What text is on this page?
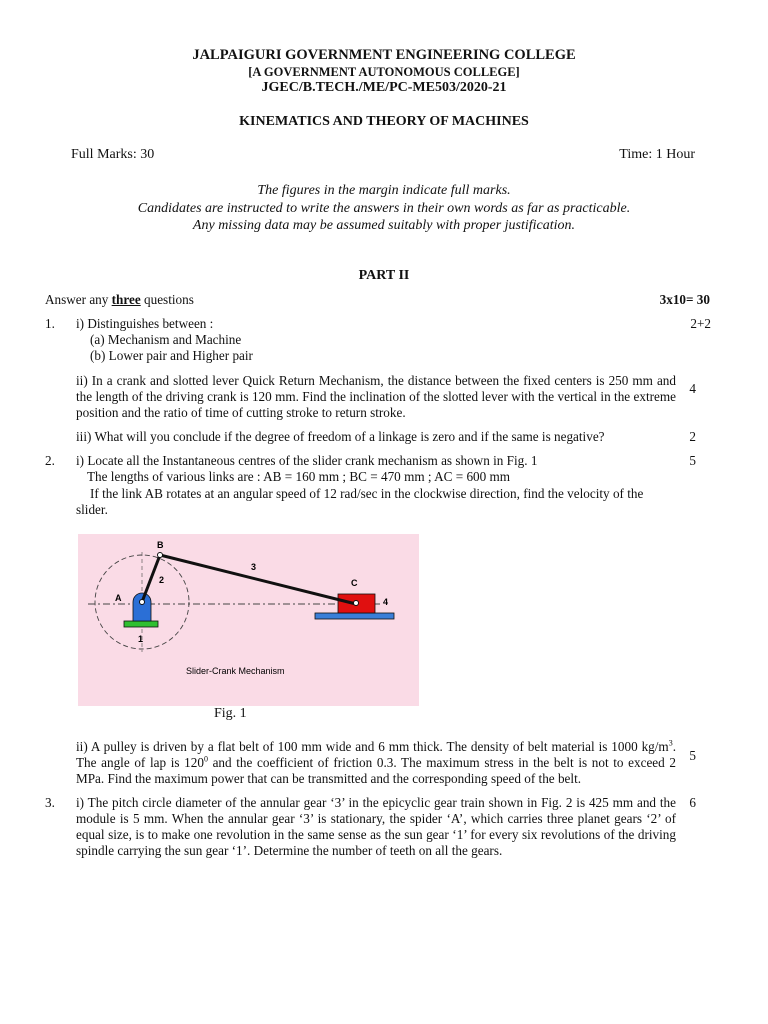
JALPAIGURI GOVERNMENT ENGINEERING COLLEGE
[A GOVERNMENT AUTONOMOUS COLLEGE]
JGEC/B.TECH./ME/PC-ME503/2020-21
KINEMATICS AND THEORY OF MACHINES
Full Marks: 30	Time: 1 Hour
The figures in the margin indicate full marks.
Candidates are instructed to write the answers in their own words as far as practicable.
Any missing data may be assumed suitably with proper justification.
PART II
Answer any three questions	3x10= 30
1. i) Distinguishes between :
(a) Mechanism and Machine
(b) Lower pair and Higher pair
2+2
ii) In a crank and slotted lever Quick Return Mechanism, the distance between the fixed centers is 250 mm and the length of the driving crank is 120 mm. Find the inclination of the slotted lever with the vertical in the extreme position and the ratio of time of cutting stroke to return stroke.
4
iii) What will you conclude if the degree of freedom of a linkage is zero and if the same is negative?	2
2. i) Locate all the Instantaneous centres of the slider crank mechanism as shown in Fig. 1
The lengths of various links are : AB = 160 mm ; BC = 470 mm ; AC = 600 mm
If the link AB rotates at an angular speed of 12 rad/sec in the clockwise direction, find the velocity of the slider.
5
B
A
C
2
3
4
1
Slider-Crank Mechanism
Fig. 1
ii) A pulley is driven by a flat belt of 100 mm wide and 6 mm thick. The density of belt material is 1000 $kg/m^3$. The angle of lap is $120^0$ and the coefficient of friction 0.3. The maximum stress in the belt is not to exceed 2 MPa. Find the maximum power that can be transmitted and the corresponding speed of the belt.
5
3. i) The pitch circle diameter of the annular gear ‘3’ in the epicyclic gear train shown in Fig. 2 is 425 mm and the module is 5 mm. When the annular gear ‘3’ is stationary, the spider ‘A’, which carries three planet gears ‘2’ of equal size, is to make one revolution in the same sense as the sun gear ‘1’ for every six revolutions of the driving spindle carrying the sun gear ‘1’. Determine the number of teeth on all the gears.
6
